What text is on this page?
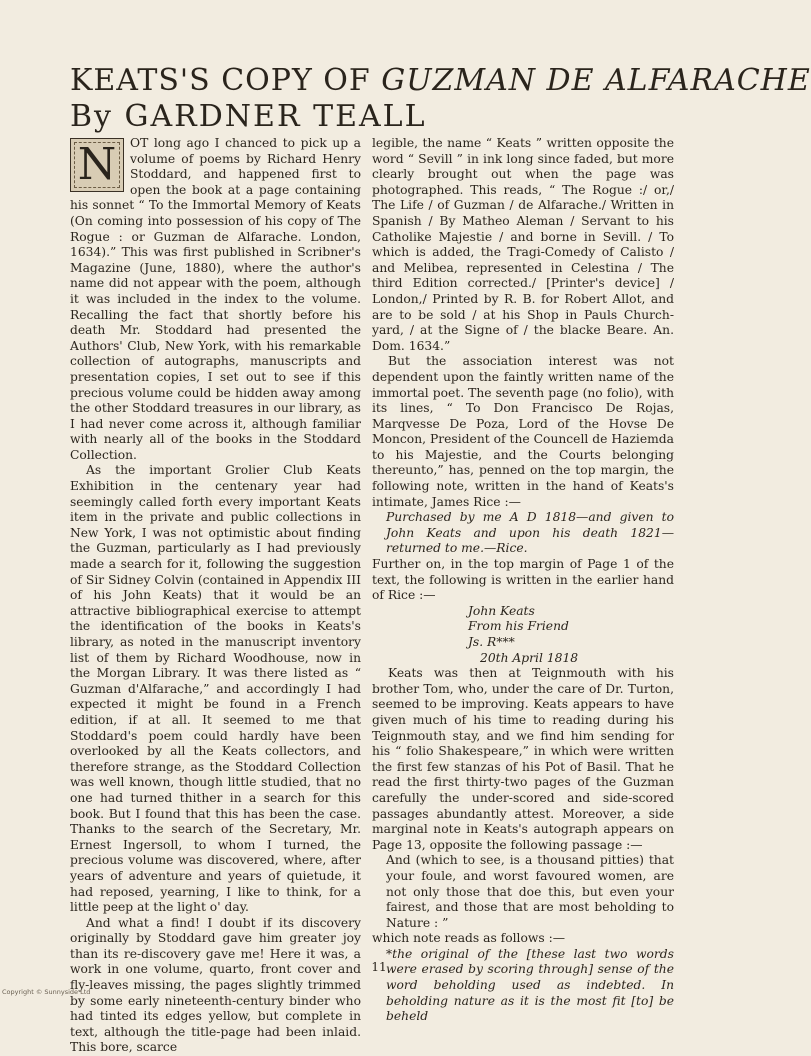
KEATS'S COPY OF GUZMAN DE ALFARACHE
By GARDNER TEALL

N	OT long ago I chanced to pick up a volume of poems by Richard Henry Stoddard, and happened first to open the book at a page containing his sonnet “ To the Immortal Memory of Keats (On coming into possession of his copy of The Rogue : or Guzman de Alfarache. London, 1634).” This was first published in Scribner's Magazine (June, 1880), where the author's name did not appear with the poem, although it was included in the index to the volume. Recalling the fact that shortly before his death Mr. Stoddard had presented the Authors' Club, New York, with his remarkable collection of autographs, manuscripts and presentation copies, I set out to see if this precious volume could be hidden away among the other Stoddard treasures in our library, as I had never come across it, although familiar with nearly all of the books in the Stoddard Collection.

As the important Grolier Club Keats Exhibition in the centenary year had seemingly called forth every important Keats item in the private and public collections in New York, I was not optimistic about finding the Guzman, particularly as I had previously made a search for it, following the suggestion of Sir Sidney Colvin (contained in Appendix III of his John Keats) that it would be an attractive bibliographical exercise to attempt the identification of the books in Keats's library, as noted in the manuscript inventory list of them by Richard Woodhouse, now in the Morgan Library. It was there listed as “ Guzman d'Alfarache,” and accordingly I had expected it might be found in a French edition, if at all. It seemed to me that Stoddard's poem could hardly have been overlooked by all the Keats collectors, and therefore strange, as the Stoddard Collection was well known, though little studied, that no one had turned thither in a search for this book. But I found that this has been the case. Thanks to the search of the Secretary, Mr. Ernest Ingersoll, to whom I turned, the precious volume was discovered, where, after years of adventure and years of quietude, it had reposed, yearning, I like to think, for a little peep at the light o' day.

And what a find! I doubt if its discovery originally by Stoddard gave him greater joy than its re-discovery gave me! Here it was, a work in one volume, quarto, front cover and fly-leaves missing, the pages slightly trimmed by some early nineteenth-century binder who had tinted its edges yellow, but complete in text, although the title-page had been inlaid. This bore, scarce

legible, the name “ Keats ” written opposite the word “ Sevill ” in ink long since faded, but more clearly brought out when the page was photographed. This reads, “ The Rogue :/ or,/ The Life / of Guzman / de Alfarache./ Written in Spanish / By Matheo Aleman / Servant to his Catholike Majestie / and borne in Sevill. / To which is added, the Tragi-Comedy of Calisto / and Melibea, represented in Celestina / The third Edition corrected./ [Printer's device] / London,/ Printed by R. B. for Robert Allot, and are to be sold / at his Shop in Pauls Church-yard, / at the Signe of / the blacke Beare. An. Dom. 1634.”

But the association interest was not dependent upon the faintly written name of the immortal poet. The seventh page (no folio), with its lines, “ To Don Francisco De Rojas, Marqvesse De Poza, Lord of the Hovse De Moncon, President of the Councell de Haziemda to his Majestie, and the Courts belonging thereunto,” has, penned on the top margin, the following note, written in the hand of Keats's intimate, James Rice :—

Purchased by me A D 1818—and given to John Keats and upon his death 1821—returned to me.—Rice.

Further on, in the top margin of Page 1 of the text, the following is written in the earlier hand of Rice :—

John Keats
From his Friend
Js. R***
20th April 1818

Keats was then at Teignmouth with his brother Tom, who, under the care of Dr. Turton, seemed to be improving. Keats appears to have given much of his time to reading during his Teignmouth stay, and we find him sending for his “ folio Shakespeare,” in which were written the first few stanzas of his Pot of Basil. That he read the first thirty-two pages of the Guzman carefully the under-scored and side-scored passages abundantly attest. Moreover, a side marginal note in Keats's autograph appears on Page 13, opposite the following passage :—

And (which to see, is a thousand pitties) that your foule, and worst favoured women, are not only those that doe this, but even your fairest, and those that are most beholding to Nature : ”

which note reads as follows :—

*the original of the [these last two words were erased by scoring through] sense of the word beholding used as indebted. In beholding nature as it is the most fit [to] be beheld

11
Copyright © Sunnyside Ltd
